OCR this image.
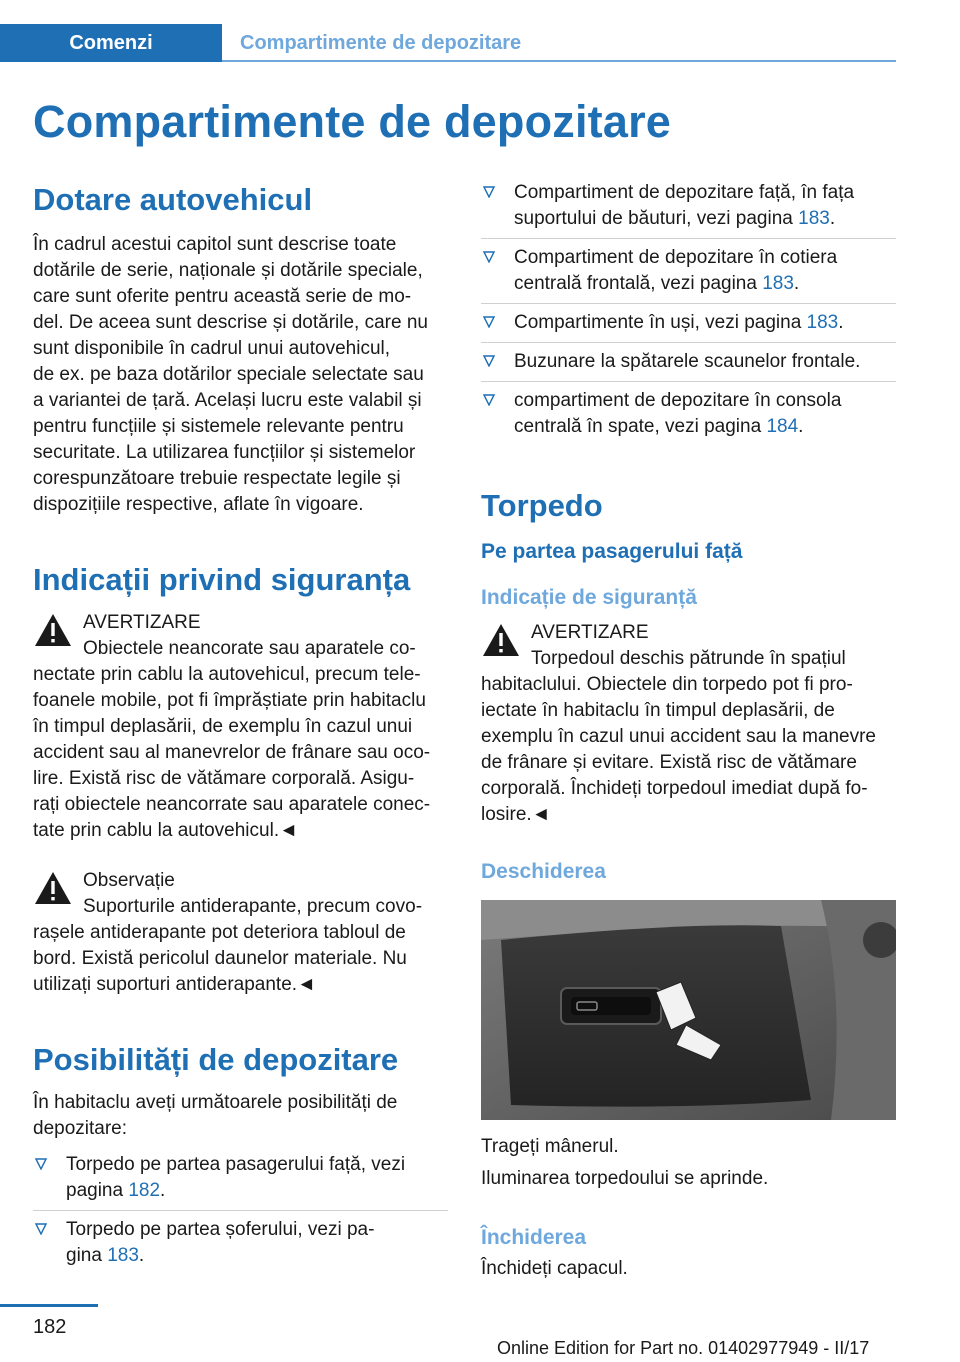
Comenzi	Compartimente de depozitare
Compartimente de depozitare
Dotare autovehicul

În cadrul acestui capitol sunt descrise toate

dotările de serie, naționale și dotările speciale,

care sunt oferite pentru această serie de mo-

del. De aceea sunt descrise și dotările, care nu

sunt disponibile în cadrul unui autovehicul,

de ex. pe baza dotărilor speciale selectate sau

a variantei de țară. Același lucru este valabil și

pentru funcțiile și sistemele relevante pentru

securitate. La utilizarea funcțiilor și sistemelor

corespunzătoare trebuie respectate legile și

dispozițiile respective, aflate în vigoare.

Indicații privind siguranța

AVERTIZARE

Obiectele neancorate sau aparatele co-

nectate prin cablu la autovehicul, precum tele-

foanele mobile, pot fi împrăștiate prin habitaclu

în timpul deplasării, de exemplu în cazul unui

accident sau al manevrelor de frânare sau oco-

lire. Există risc de vătămare corporală. Asigu-

rați obiectele neancorrate sau aparatele conec-

tate prin cablu la autovehicul.◄

Observație

Suporturile antiderapante, precum covo-

rașele antiderapante pot deteriora tabloul de

bord. Există pericolul daunelor materiale. Nu

utilizați suporturi antiderapante.◄

Posibilități de depozitare

În habitaclu aveți următoarele posibilități de

depozitare:

Torpedo pe partea pasagerului față, vezi
pagina 182.
Torpedo pe partea șoferului, vezi pa-
gina 183.
Compartiment de depozitare față, în fața
suportului de băuturi, vezi pagina 183.
Compartiment de depozitare în cotiera
centrală frontală, vezi pagina 183.
Compartimente în uși, vezi pagina 183.
Buzunare la spătarele scaunelor frontale.
compartiment de depozitare în consola
centrală în spate, vezi pagina 184.
Torpedo
Pe partea pasagerului față
Indicație de siguranță

AVERTIZARE

Torpedoul deschis pătrunde în spațiul

habitaclului. Obiectele din torpedo pot fi pro-

iectate în habitaclu în timpul deplasării, de

exemplu în cazul unui accident sau la manevre

de frânare și evitare. Există risc de vătămare

corporală. Închideți torpedoul imediat după fo-

losire.◄

Deschiderea

Trageți mânerul.

Iluminarea torpedoului se aprinde.

Închiderea

Închideți capacul.

182
Online Edition for Part no. 01402977949 - II/17
